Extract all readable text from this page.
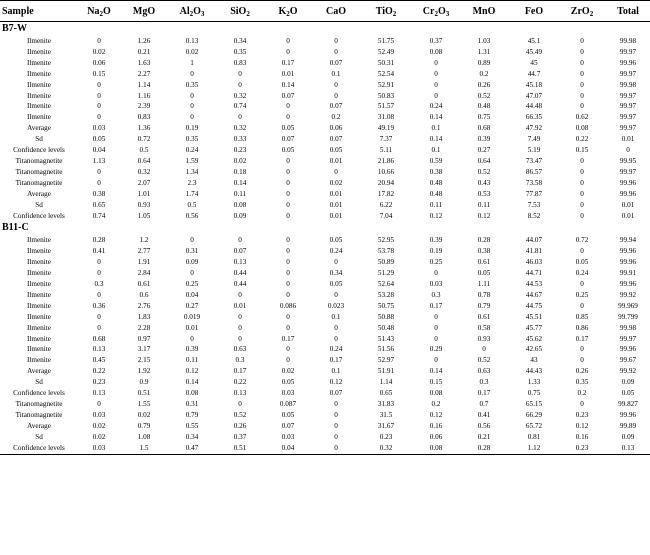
Sample	$Na_2O$	MgO	$Al_2O_3$	SiO$_2$	$K_2O$	CaO	TiO$_2$	$Cr_2O_3$	MnO	FeO	ZrO$_2$	Total
B7-W												
Ilmenite	0	1.26	0.13	0.34	0	0	51.75	0.37	1.03	45.1	0	99.98
Ilmenite	0.02	0.21	0.02	0.35	0	0	52.49	0.08	1.31	45.49	0	99.97
Ilmenite	0.06	1.63	1	0.83	0.17	0.07	50.31	0	0.89	45	0	99.96
Ilmenite	0.15	2.27	0	0	0.01	0.1	52.54	0	0.2	44.7	0	99.97
Ilmenite	0	1.14	0.35	0	0.14	0	52.91	0	0.26	45.18	0	99.98
Ilmenite	0	1.16	0	0.32	0.07	0	50.83	0	0.52	47.07	0	99.97
Ilmenite	0	2.39	0	0.74	0	0.07	51.57	0.24	0.48	44.48	0	99.97
Ilmenite	0	0.83	0	0	0	0.2	31.08	0.14	0.75	66.35	0.62	99.97
Average	0.03	1.36	0.19	0.32	0.05	0.06	49.19	0.1	0.68	47.92	0.08	99.97
Sd	0.05	0.72	0.35	0.33	0.07	0.07	7.37	0.14	0.39	7.49	0.22	0.01
Confidence levels	0.04	0.5	0.24	0.23	0.05	0.05	5.11	0.1	0.27	5.19	0.15	0
Titanomagnetite	1.13	0.64	1.59	0.02	0	0.01	21.86	0.59	0.64	73.47	0	99.95
Titanomagnetite	0	0.32	1.34	0.18	0	0	10.66	0.38	0.52	86.57	0	99.97
Titanomagnetite	0	2.07	2.3	0.14	0	0.02	20.94	0.48	0.43	73.58	0	99.96
Average	0.38	1.01	1.74	0.11	0	0.01	17.82	0.48	0.53	77.87	0	99.96
Sd	0.65	0.93	0.5	0.08	0	0.01	6.22	0.11	0.11	7.53	0	0.01
Confidence levels	0.74	1.05	0.56	0.09	0	0.01	7.04	0.12	0.12	8.52	0	0.01
B11-C												
Ilmenite	0.28	1.2	0	0	0	0.05	52.95	0.39	0.28	44.07	0.72	99.94
Ilmenite	0.41	2.77	0.31	0.07	0	0.24	53.78	0.19	0.38	41.81	0	99.96
Ilmenite	0	1.91	0.09	0.13	0	0	50.89	0.25	0.61	46.03	0.05	99.96
Ilmenite	0	2.84	0	0.44	0	0.34	51.29	0	0.05	44.71	0.24	99.91
Ilmenite	0.3	0.61	0.25	0.44	0	0.05	52.64	0.03	1.11	44.53	0	99.96
Ilmenite	0	0.6	0.04	0	0	0	53.28	0.3	0.78	44.67	0.25	99.92
Ilmenite	0.36	2.76	0.27	0.01	0.086	0.023	50.75	0.17	0.79	44.75	0	99.969
Ilmenite	0	1.83	0.019	0	0	0.1	50.88	0	0.61	45.51	0.85	99.799
Ilmenite	0	2.28	0.01	0	0	0	50.48	0	0.58	45.77	0.86	99.98
Ilmenite	0.68	0.97	0	0	0.17	0	51.43	0	0.93	45.62	0.17	99.97
Ilmenite	0.13	3.17	0.39	0.63	0	0.24	51.56	0.29	0	42.65	0	99.96
Ilmenite	0.45	2.15	0.11	0.3	0	0.17	52.97	0	0.52	43	0	99.67
Average	0.22	1.92	0.12	0.17	0.02	0.1	51.91	0.14	0.63	44.43	0.26	99.92
Sd	0.23	0.9	0.14	0.22	0.05	0.12	1.14	0.15	0.3	1.33	0.35	0.09
Confidence levels	0.13	0.51	0.08	0.13	0.03	0.07	0.65	0.08	0.17	0.75	0.2	0.05
Titanomagnetite	0	1.55	0.31	0	0.087	0	31.83	0.2	0.7	65.15	0	99.827
Titanomagnetite	0.03	0.02	0.79	0.52	0.05	0	31.5	0.12	0.41	66.29	0.23	99.96
Average	0.02	0.79	0.55	0.26	0.07	0	31.67	0.16	0.56	65.72	0.12	99.89
Sd	0.02	1.08	0.34	0.37	0.03	0	0.23	0.06	0.21	0.81	0.16	0.09
Confidence levels	0.03	1.5	0.47	0.51	0.04	0	0.32	0.08	0.28	1.12	0.23	0.13
